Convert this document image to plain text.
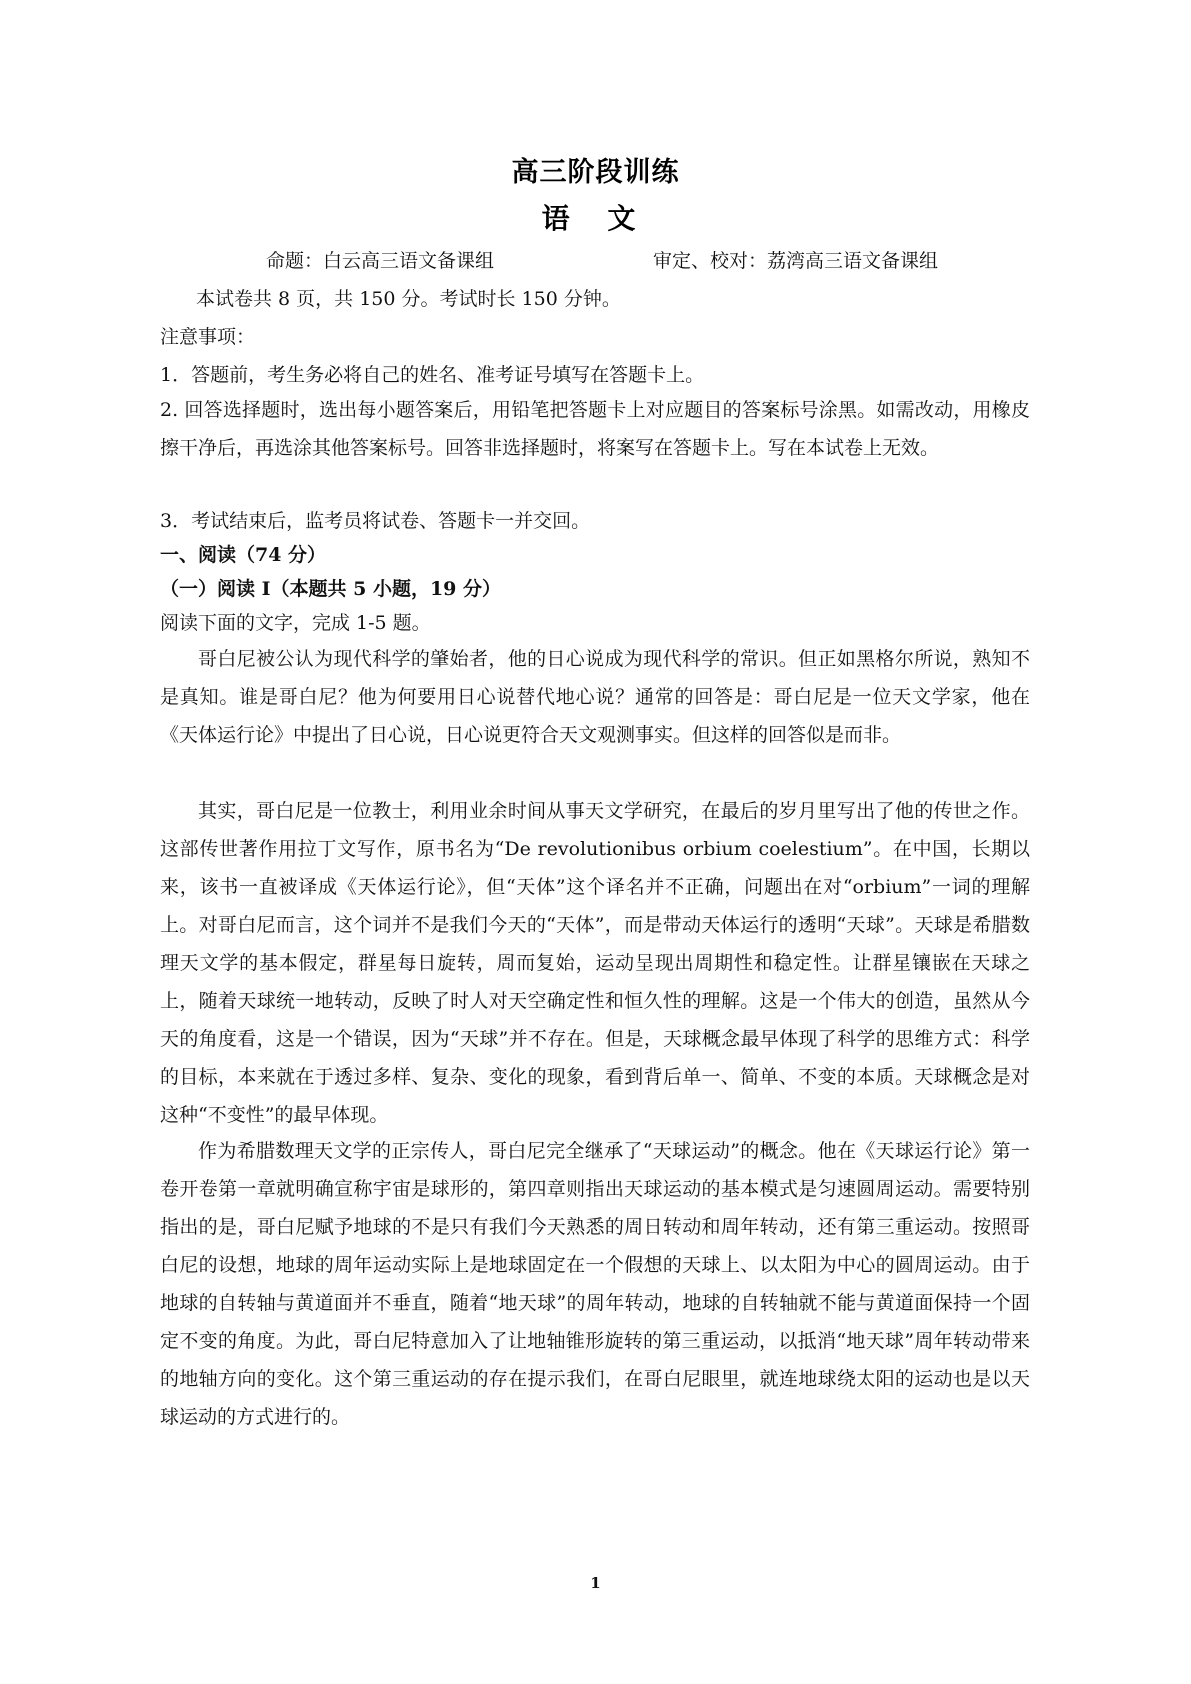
高三阶段训练
语 文
命题：白云高三语文备课组	审定、校对：荔湾高三语文备课组
本试卷共 8 页，共 150 分。考试时长 150 分钟。
注意事项：
1．答题前，考生务必将自己的姓名、准考证号填写在答题卡上。
2. 回答选择题时，选出每小题答案后，用铅笔把答题卡上对应题目的答案标号涂黑。如需改动，用橡皮擦干净后，再选涂其他答案标号。回答非选择题时，将案写在答题卡上。写在本试卷上无效。
3．考试结束后，监考员将试卷、答题卡一并交回。
一、阅读（74 分）
（一）阅读 I（本题共 5 小题，19 分）
阅读下面的文字，完成 1-5 题。
哥白尼被公认为现代科学的肇始者，他的日心说成为现代科学的常识。但正如黑格尔所说，熟知不是真知。谁是哥白尼？他为何要用日心说替代地心说？通常的回答是：哥白尼是一位天文学家，他在《天体运行论》中提出了日心说，日心说更符合天文观测事实。但这样的回答似是而非。
其实，哥白尼是一位教士，利用业余时间从事天文学研究，在最后的岁月里写出了他的传世之作。这部传世著作用拉丁文写作，原书名为“De revolutionibus orbium coelestium”。在中国，长期以来，该书一直被译成《天体运行论》，但“天体”这个译名并不正确，问题出在对“orbium”一词的理解上。对哥白尼而言，这个词并不是我们今天的“天体”，而是带动天体运行的透明“天球”。天球是希腊数理天文学的基本假定，群星每日旋转，周而复始，运动呈现出周期性和稳定性。让群星镶嵌在天球之上，随着天球统一地转动，反映了时人对天空确定性和恒久性的理解。这是一个伟大的创造，虽然从今天的角度看，这是一个错误，因为“天球”并不存在。但是，天球概念最早体现了科学的思维方式：科学的目标，本来就在于透过多样、复杂、变化的现象，看到背后单一、简单、不变的本质。天球概念是对这种“不变性”的最早体现。
作为希腊数理天文学的正宗传人，哥白尼完全继承了“天球运动”的概念。他在《天球运行论》第一卷开卷第一章就明确宣称宇宙是球形的，第四章则指出天球运动的基本模式是匀速圆周运动。需要特别指出的是，哥白尼赋予地球的不是只有我们今天熟悉的周日转动和周年转动，还有第三重运动。按照哥白尼的设想，地球的周年运动实际上是地球固定在一个假想的天球上、以太阳为中心的圆周运动。由于地球的自转轴与黄道面并不垂直，随着“地天球”的周年转动，地球的自转轴就不能与黄道面保持一个固定不变的角度。为此，哥白尼特意加入了让地轴锥形旋转的第三重运动，以抵消“地天球”周年转动带来的地轴方向的变化。这个第三重运动的存在提示我们，在哥白尼眼里，就连地球绕太阳的运动也是以天球运动的方式进行的。
1
